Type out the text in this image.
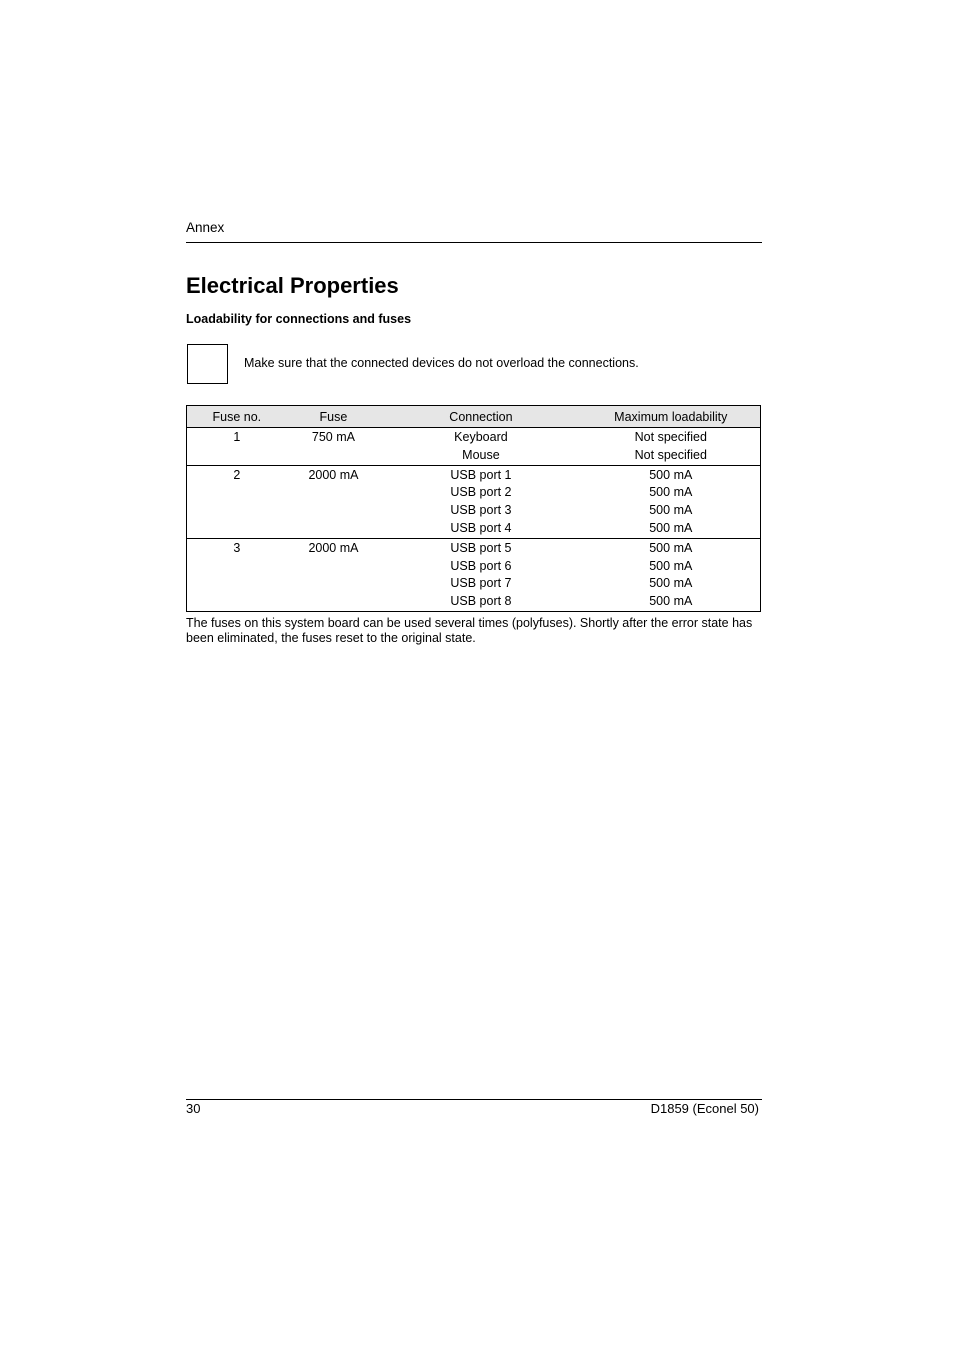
Annex
Electrical Properties
Loadability for connections and fuses
Make sure that the connected devices do not overload the connections.
Fuse no.	Fuse	Connection	Maximum loadability
1	750 mA	Keyboard	Not specified
		Mouse	Not specified
2	2000 mA	USB port 1	500 mA
		USB port 2	500 mA
		USB port 3	500 mA
		USB port 4	500 mA
3	2000 mA	USB port 5	500 mA
		USB port 6	500 mA
		USB port 7	500 mA
		USB port 8	500 mA

The fuses on this system board can be used several times (polyfuses). Shortly after the error state has been eliminated, the fuses reset to the original state.

30	D1859 (Econel 50)
